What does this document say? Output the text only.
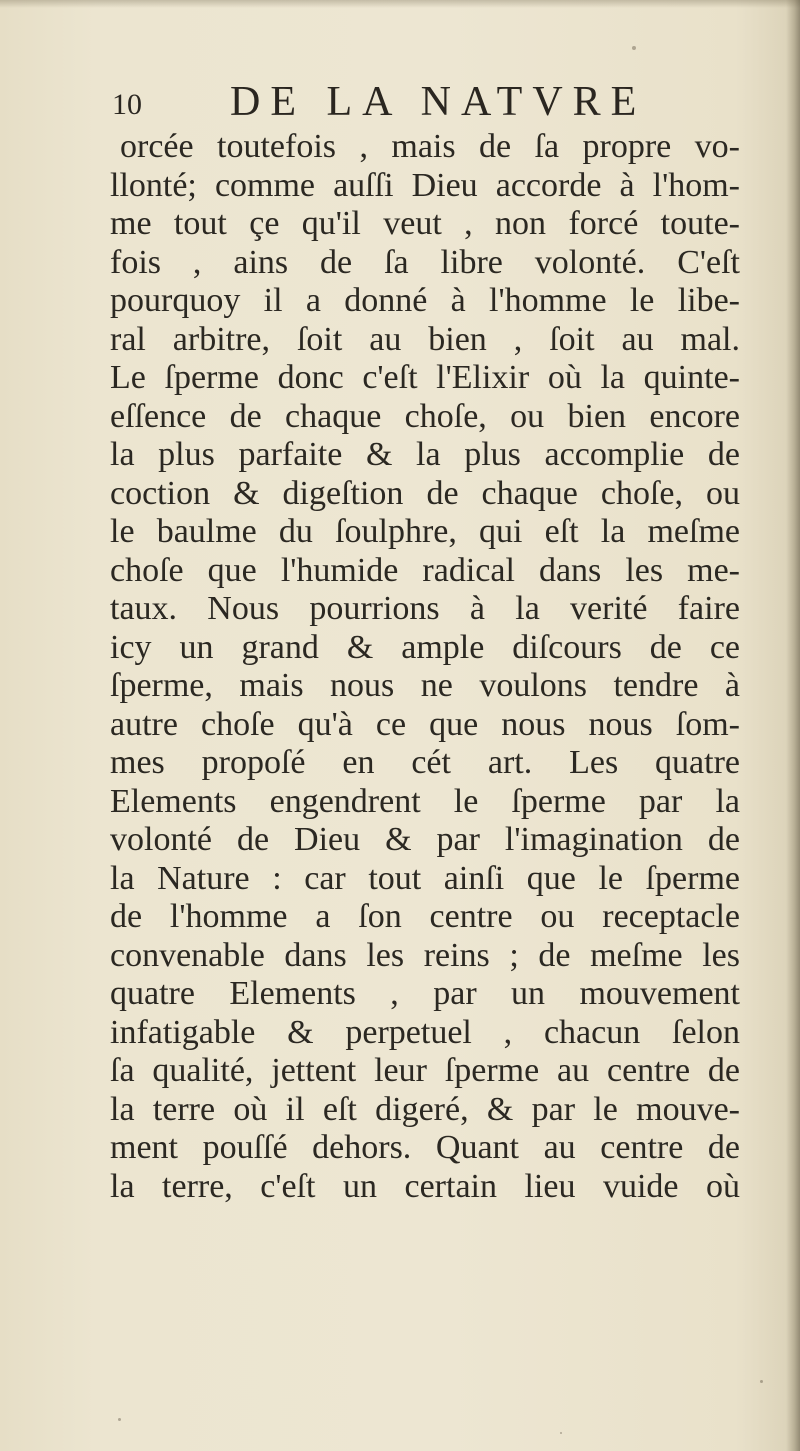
10 DE LA NATVRE
orcée toutefois , mais de ſa propre vo-
llonté; comme auſſi Dieu accorde à l'hom-
me tout çe qu'il veut , non forcé toute-
fois , ains de ſa libre volonté. C'eſt
pourquoy il a donné à l'homme le libe-
ral arbitre, ſoit au bien , ſoit au mal.
Le ſperme donc c'eſt l'Elixir où la quinte-
eſſence de chaque choſe, ou bien encore
la plus parfaite & la plus accomplie de
coction & digeſtion de chaque choſe, ou
le baulme du ſoulphre, qui eſt la meſme
choſe que l'humide radical dans les me-
taux. Nous pourrions à la verité faire
icy un grand & ample diſcours de ce
ſperme, mais nous ne voulons tendre à
autre choſe qu'à ce que nous nous ſom-
mes propoſé en cét art. Les quatre
Elements engendrent le ſperme par la
volonté de Dieu & par l'imagination de
la Nature : car tout ainſi que le ſperme
de l'homme a ſon centre ou receptacle
convenable dans les reins ; de meſme les
quatre Elements , par un mouvement
infatigable & perpetuel , chacun ſelon
ſa qualité, jettent leur ſperme au centre de
la terre où il eſt digeré, & par le mouve-
ment pouſſé dehors. Quant au centre de
la terre, c'eſt un certain lieu vuide où
